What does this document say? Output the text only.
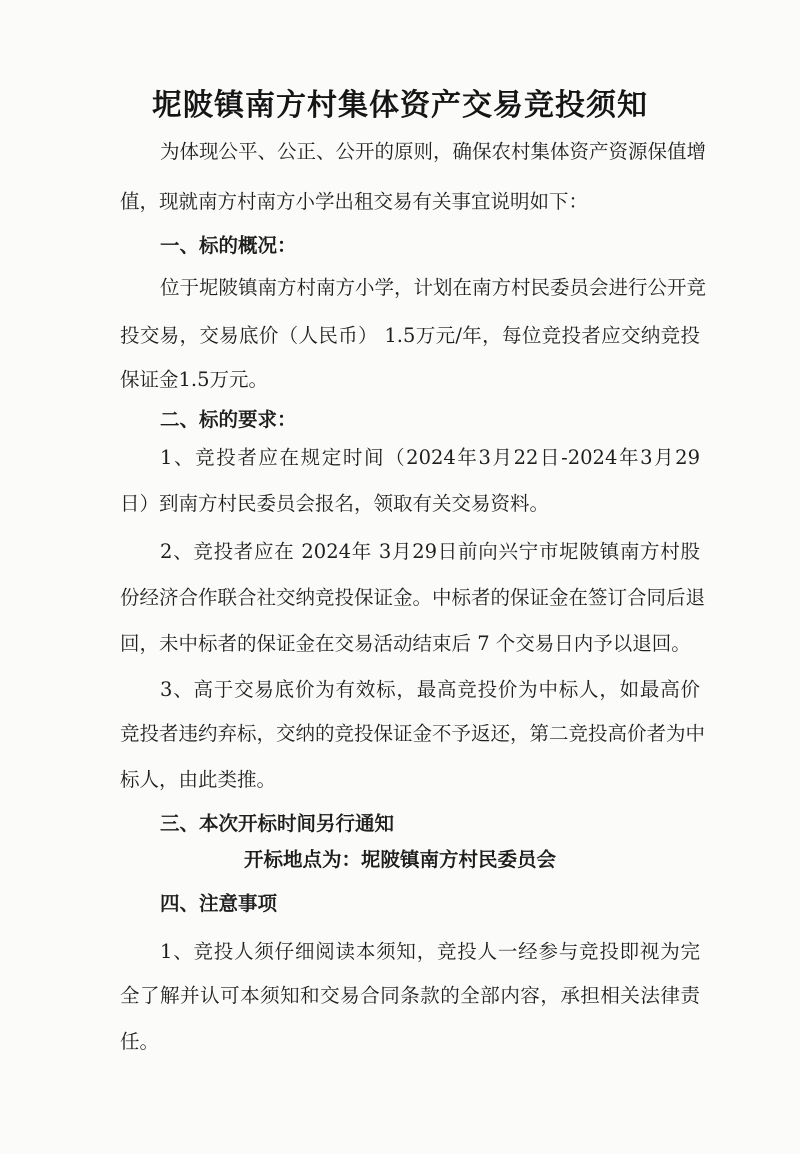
坭陂镇南方村集体资产交易竞投须知
为体现公平、公正、公开的原则，确保农村集体资产资源保值增
值，现就南方村南方小学出租交易有关事宜说明如下：
一、标的概况：
位于坭陂镇南方村南方小学，计划在南方村民委员会进行公开竞
投交易，交易底价（人民币） 1.5万元/年，每位竞投者应交纳竞投
保证金1.5万元。
二、标的要求：
1、竞投者应在规定时间（2024年3月22日-2024年3月29
日）到南方村民委员会报名，领取有关交易资料。
2、竞投者应在 2024年 3月29日前向兴宁市坭陂镇南方村股
份经济合作联合社交纳竞投保证金。中标者的保证金在签订合同后退
回，未中标者的保证金在交易活动结束后 7 个交易日内予以退回。
3、高于交易底价为有效标，最高竞投价为中标人，如最高价
竞投者违约弃标，交纳的竞投保证金不予返还，第二竞投高价者为中
标人，由此类推。
三、本次开标时间另行通知
开标地点为：坭陂镇南方村民委员会
四、注意事项
1、竞投人须仔细阅读本须知，竞投人一经参与竞投即视为完
全了解并认可本须知和交易合同条款的全部内容，承担相关法律责
任。
